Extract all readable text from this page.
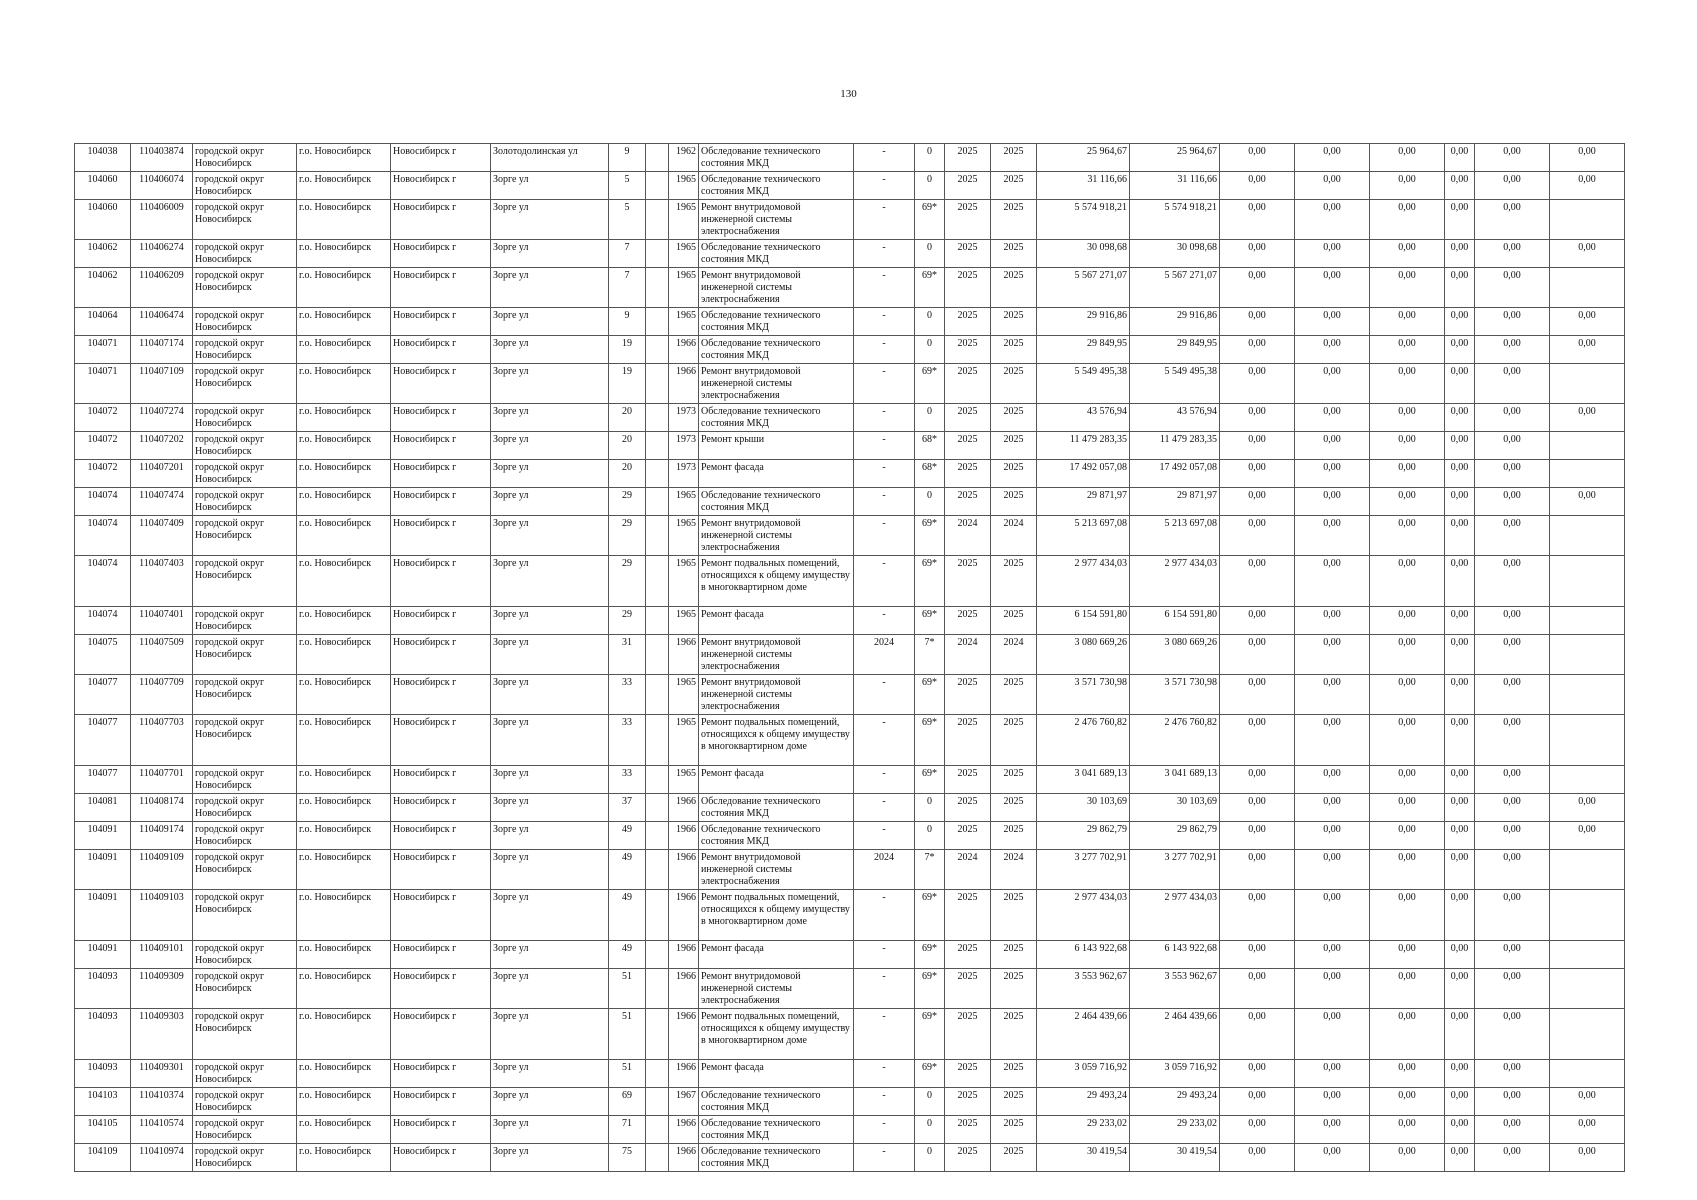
130
104038	110403874	городской округ Новосибирск	г.о. Новосибирск	Новосибирск г	Золотодолинская ул	9		1962	Обследование технического состояния МКД	-	0	2025	2025	25 964,67	25 964,67	0,00	0,00	0,00	0,00	0,00	0,00
104060	110406074	городской округ Новосибирск	г.о. Новосибирск	Новосибирск г	Зорге ул	5		1965	Обследование технического состояния МКД	-	0	2025	2025	31 116,66	31 116,66	0,00	0,00	0,00	0,00	0,00	0,00
104060	110406009	городской округ Новосибирск	г.о. Новосибирск	Новосибирск г	Зорге ул	5		1965	Ремонт внутридомовой инженерной системы электроснабжения	-	69*	2025	2025	5 574 918,21	5 574 918,21	0,00	0,00	0,00	0,00	0,00	
104062	110406274	городской округ Новосибирск	г.о. Новосибирск	Новосибирск г	Зорге ул	7		1965	Обследование технического состояния МКД	-	0	2025	2025	30 098,68	30 098,68	0,00	0,00	0,00	0,00	0,00	0,00
104062	110406209	городской округ Новосибирск	г.о. Новосибирск	Новосибирск г	Зорге ул	7		1965	Ремонт внутридомовой инженерной системы электроснабжения	-	69*	2025	2025	5 567 271,07	5 567 271,07	0,00	0,00	0,00	0,00	0,00	
104064	110406474	городской округ Новосибирск	г.о. Новосибирск	Новосибирск г	Зорге ул	9		1965	Обследование технического состояния МКД	-	0	2025	2025	29 916,86	29 916,86	0,00	0,00	0,00	0,00	0,00	0,00
104071	110407174	городской округ Новосибирск	г.о. Новосибирск	Новосибирск г	Зорге ул	19		1966	Обследование технического состояния МКД	-	0	2025	2025	29 849,95	29 849,95	0,00	0,00	0,00	0,00	0,00	0,00
104071	110407109	городской округ Новосибирск	г.о. Новосибирск	Новосибирск г	Зорге ул	19		1966	Ремонт внутридомовой инженерной системы электроснабжения	-	69*	2025	2025	5 549 495,38	5 549 495,38	0,00	0,00	0,00	0,00	0,00	
104072	110407274	городской округ Новосибирск	г.о. Новосибирск	Новосибирск г	Зорге ул	20		1973	Обследование технического состояния МКД	-	0	2025	2025	43 576,94	43 576,94	0,00	0,00	0,00	0,00	0,00	0,00
104072	110407202	городской округ Новосибирск	г.о. Новосибирск	Новосибирск г	Зорге ул	20		1973	Ремонт крыши	-	68*	2025	2025	11 479 283,35	11 479 283,35	0,00	0,00	0,00	0,00	0,00	
104072	110407201	городской округ Новосибирск	г.о. Новосибирск	Новосибирск г	Зорге ул	20		1973	Ремонт фасада	-	68*	2025	2025	17 492 057,08	17 492 057,08	0,00	0,00	0,00	0,00	0,00	
104074	110407474	городской округ Новосибирск	г.о. Новосибирск	Новосибирск г	Зорге ул	29		1965	Обследование технического состояния МКД	-	0	2025	2025	29 871,97	29 871,97	0,00	0,00	0,00	0,00	0,00	0,00
104074	110407409	городской округ Новосибирск	г.о. Новосибирск	Новосибирск г	Зорге ул	29		1965	Ремонт внутридомовой инженерной системы электроснабжения	-	69*	2024	2024	5 213 697,08	5 213 697,08	0,00	0,00	0,00	0,00	0,00	
104074	110407403	городской округ Новосибирск	г.о. Новосибирск	Новосибирск г	Зорге ул	29		1965	Ремонт подвальных помещений, относящихся к общему имуществу в многоквартирном доме	-	69*	2025	2025	2 977 434,03	2 977 434,03	0,00	0,00	0,00	0,00	0,00	
104074	110407401	городской округ Новосибирск	г.о. Новосибирск	Новосибирск г	Зорге ул	29		1965	Ремонт фасада	-	69*	2025	2025	6 154 591,80	6 154 591,80	0,00	0,00	0,00	0,00	0,00	
104075	110407509	городской округ Новосибирск	г.о. Новосибирск	Новосибирск г	Зорге ул	31		1966	Ремонт внутридомовой инженерной системы электроснабжения	2024	7*	2024	2024	3 080 669,26	3 080 669,26	0,00	0,00	0,00	0,00	0,00	
104077	110407709	городской округ Новосибирск	г.о. Новосибирск	Новосибирск г	Зорге ул	33		1965	Ремонт внутридомовой инженерной системы электроснабжения	-	69*	2025	2025	3 571 730,98	3 571 730,98	0,00	0,00	0,00	0,00	0,00	
104077	110407703	городской округ Новосибирск	г.о. Новосибирск	Новосибирск г	Зорге ул	33		1965	Ремонт подвальных помещений, относящихся к общему имуществу в многоквартирном доме	-	69*	2025	2025	2 476 760,82	2 476 760,82	0,00	0,00	0,00	0,00	0,00	
104077	110407701	городской округ Новосибирск	г.о. Новосибирск	Новосибирск г	Зорге ул	33		1965	Ремонт фасада	-	69*	2025	2025	3 041 689,13	3 041 689,13	0,00	0,00	0,00	0,00	0,00	
104081	110408174	городской округ Новосибирск	г.о. Новосибирск	Новосибирск г	Зорге ул	37		1966	Обследование технического состояния МКД	-	0	2025	2025	30 103,69	30 103,69	0,00	0,00	0,00	0,00	0,00	0,00
104091	110409174	городской округ Новосибирск	г.о. Новосибирск	Новосибирск г	Зорге ул	49		1966	Обследование технического состояния МКД	-	0	2025	2025	29 862,79	29 862,79	0,00	0,00	0,00	0,00	0,00	0,00
104091	110409109	городской округ Новосибирск	г.о. Новосибирск	Новосибирск г	Зорге ул	49		1966	Ремонт внутридомовой инженерной системы электроснабжения	2024	7*	2024	2024	3 277 702,91	3 277 702,91	0,00	0,00	0,00	0,00	0,00	
104091	110409103	городской округ Новосибирск	г.о. Новосибирск	Новосибирск г	Зорге ул	49		1966	Ремонт подвальных помещений, относящихся к общему имуществу в многоквартирном доме	-	69*	2025	2025	2 977 434,03	2 977 434,03	0,00	0,00	0,00	0,00	0,00	
104091	110409101	городской округ Новосибирск	г.о. Новосибирск	Новосибирск г	Зорге ул	49		1966	Ремонт фасада	-	69*	2025	2025	6 143 922,68	6 143 922,68	0,00	0,00	0,00	0,00	0,00	
104093	110409309	городской округ Новосибирск	г.о. Новосибирск	Новосибирск г	Зорге ул	51		1966	Ремонт внутридомовой инженерной системы электроснабжения	-	69*	2025	2025	3 553 962,67	3 553 962,67	0,00	0,00	0,00	0,00	0,00	
104093	110409303	городской округ Новосибирск	г.о. Новосибирск	Новосибирск г	Зорге ул	51		1966	Ремонт подвальных помещений, относящихся к общему имуществу в многоквартирном доме	-	69*	2025	2025	2 464 439,66	2 464 439,66	0,00	0,00	0,00	0,00	0,00	
104093	110409301	городской округ Новосибирск	г.о. Новосибирск	Новосибирск г	Зорге ул	51		1966	Ремонт фасада	-	69*	2025	2025	3 059 716,92	3 059 716,92	0,00	0,00	0,00	0,00	0,00	
104103	110410374	городской округ Новосибирск	г.о. Новосибирск	Новосибирск г	Зорге ул	69		1967	Обследование технического состояния МКД	-	0	2025	2025	29 493,24	29 493,24	0,00	0,00	0,00	0,00	0,00	0,00
104105	110410574	городской округ Новосибирск	г.о. Новосибирск	Новосибирск г	Зорге ул	71		1966	Обследование технического состояния МКД	-	0	2025	2025	29 233,02	29 233,02	0,00	0,00	0,00	0,00	0,00	0,00
104109	110410974	городской округ Новосибирск	г.о. Новосибирск	Новосибирск г	Зорге ул	75		1966	Обследование технического состояния МКД	-	0	2025	2025	30 419,54	30 419,54	0,00	0,00	0,00	0,00	0,00	0,00
